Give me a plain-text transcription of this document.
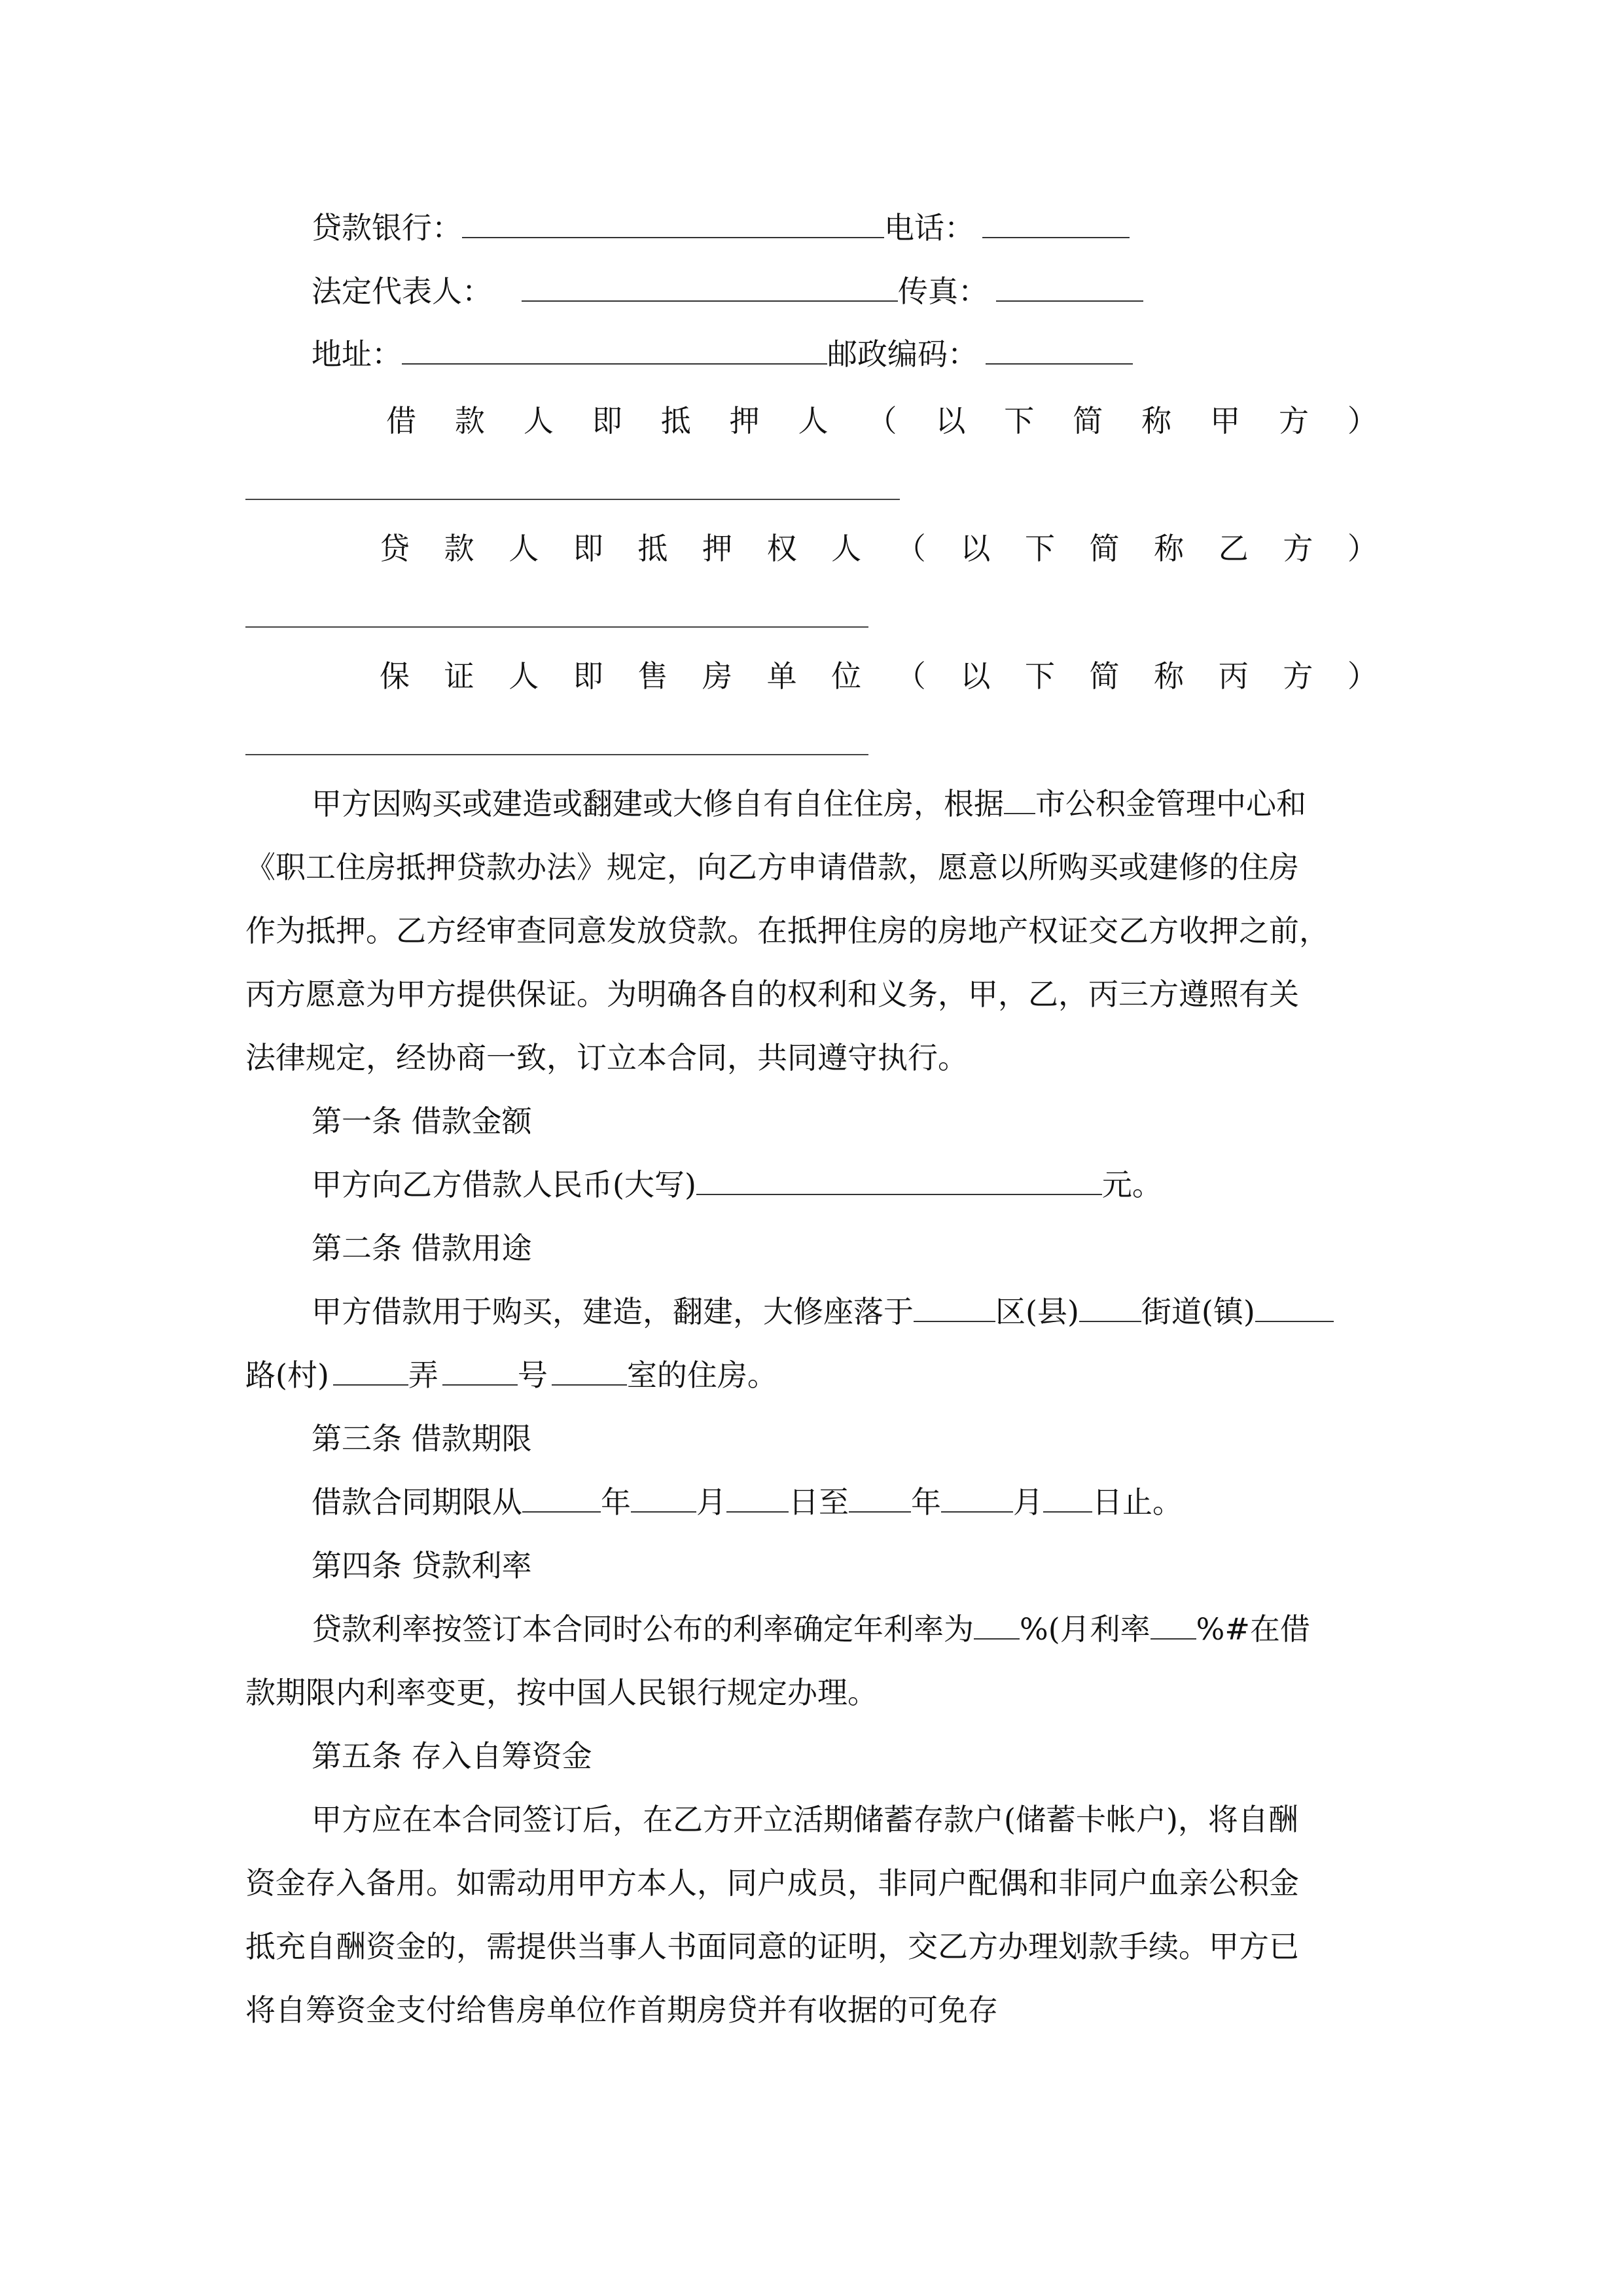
贷款银行：	电话：
法定代表人：	传真：
地址：	邮政编码：
借 款 人 即 抵 押 人 （ 以 下 简 称 甲 方 ）
贷 款 人 即 抵 押 权 人 （ 以 下 简 称 乙 方 ）
保 证 人 即 售 房 单 位 （ 以 下 简 称 丙 方 ）
甲方因购买或建造或翻建或大修自有自住住房，根据 市公积金管理中心和
《职工住房抵押贷款办法》规定，向乙方申请借款，愿意以所购买或建修的住房
作为抵押。乙方经审查同意发放贷款。在抵押住房的房地产权证交乙方收押之前，
丙方愿意为甲方提供保证。为明确各自的权利和义务，甲，乙，丙三方遵照有关
法律规定，经协商一致，订立本合同，共同遵守执行。
第一条 借款金额
甲方向乙方借款人民币(大写)	元。
第二条 借款用途
甲方借款用于购买，建造，翻建，大修座落于	区(县) 街道(镇)
路(村)	弄	号	室的住房。
第三条 借款期限
借款合同期限从	年 月 日至 年 月 日止。
第四条 贷款利率
贷款利率按签订本合同时公布的利率确定年利率为 %(月利率 %#在借
款期限内利率变更，按中国人民银行规定办理。
第五条 存入自筹资金
甲方应在本合同签订后，在乙方开立活期储蓄存款户(储蓄卡帐户)，将自酬
资金存入备用。如需动用甲方本人，同户成员，非同户配偶和非同户血亲公积金
抵充自酬资金的，需提供当事人书面同意的证明，交乙方办理划款手续。甲方已
将自筹资金支付给售房单位作首期房贷并有收据的可免存
